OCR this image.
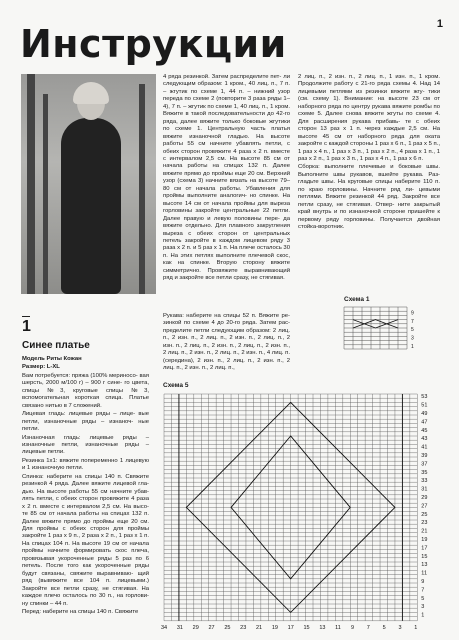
Инструкции	1
1
Синее платье

Модель Риты Кожан

Размер: L-XL

Вам потребуется: пряжа (100% мериносо- вая шерсть, 2000 м/100 г) – 900 г сине- го цвета, спицы №3, круговые спицы №3, вспомогательная короткая спица. Платье связано нитью в 7 сложений.

Лицевая гладь: лицевые ряды – лице- вые петли, изнаночные ряды – изнаноч- ные петли.

Изнаночная гладь: лицевые ряды – изнаночные петли, изнаночные ряды – лицевые петли.

Резинка 1х1: вяжите попеременно 1 лицевую и 1 изнаночную петли.

Спинка: наберите на спицы 140 п. Свяжите резинкой 4 ряда. Далее вяжите лицевой гла- дью. На высоте работы 55 см начните убав- лять петли, с обеих сторон провяжите 4 раза х 2 п. вместе с интервалом 2,5 см. На высо- те 85 см от начала работы на спицах 132 п. Далее вяжите прямо до проймы еще 20 см. Для проймы с обеих сторон для проймы закройте 1 раз х 9 п., 2 раза х 2 п., 1 раз х 1 п. На спицах 104 п. На высоте 19 см от начала проймы начните формировать скос плеча, провязывая укороченные ряды 5 раз по 6 петель. После того как укороченные ряды будут связаны, свяжите выравниваю- щий ряд (вывяжите все 104 п. лицевыми.) Закройте все петли сразу, не стягивая. На каждое плечо осталось по 30 п., на горлови- ну спинки – 44 п.

Перед: наберите на спицы 140 п. Свяжите

4 ряда резинкой. Затем распределите пет- ли следующим образом: 1 кром., 40 лиц. п., 7 п. – жгутик по схеме 1, 44 п. – нижний узор переда по схеме 2 (повторите 3 раза ряды 1–4), 7 п. – жгутик по схеме 1, 40 лиц. п., 1 кром. Вяжите в такой последовательности до 42-го ряда, далее вяжите только боковые жгутики по схеме 1. Центральную часть платья вяжите изнаночной гладью. На высоте работы 55 см начните убавлять петли, с обеих сторон провяжите 4 раза х 2 п. вместе с интервалом 2,5 см. На высоте 85 см от начала работы на спицах 132 п. Далее вяжите прямо до проймы еще 20 см. Верхний узор (схема 3) начните вязать на высоте 79–80 см от начала работы. Убавления для проймы выполните аналогич- но спинке. На высоте 14 см от начала проймы для выреза горловины закройте центральные 22 петли. Далее правую и левую половины пере- да вяжите отдельно. Для плавного закругления выреза с обеих сторон от центральных петель закройте в каждом лицевом ряду 3 раза х 2 п. и 5 раз х 1 п. На плече осталось 30 п. На этих петлях выполните плечевой скос, как на спинке. Вторую сторону вяжите симметрично. Провяжите выравнивающий ряд и закройте все петли сразу, не стягивая.

Рукава: наберите на спицы 52 п. Вяжите ре- зинкой по схеме 4 до 20-го ряда. Затем рас- пределите петли следующим образом: 2 лиц. п., 2 изн. п., 2 лиц. п., 2 изн. п., 2 лиц. п., 2 изн. п., 2 лиц. п., 2 изн. п., 2 лиц. п., 2 изн. п., 2 лиц. п., 2 изн. п., 2 лиц. п., 2 изн. п., 4 лиц. п. (середина), 2 изн. п., 2 лиц. п., 2 изн. п., 2 лиц. п., 2 изн. п., 2 лиц. п.,

2 лиц. п., 2 изн. п., 2 лиц. п., 1 изн. п., 1 кром. Продолжите работу с 21-го ряда схемы 4. Над 14 лицевыми петлями из резинки вяжите жгу- тики (см. схему 1). Внимание: на высоте 23 см от наборного ряда по центру рукава вяжите ромбы по схеме 5. Далее снова вяжите жгуты по схеме 4. Для расширения рукава прибавь- те с обеих сторон 13 раз х 1 п. через каждые 2,5 см. На высоте 45 см от наборного ряда для оката закройте с каждой стороны 1 раз х 6 п., 1 раз х 5 п., 1 раз х 4 п., 1 раз х 3 п., 1 раз х 2 п., 4 раза х 1 п., 1 раз х 2 п., 1 раз х 3 п., 1 раз х 4 п., 1 раз х 6 п.

Сборка: выполните плечевые и боковые швы. Выполните швы рукавов, вшейте рукава. Раз- гладьте швы. На круговые спицы наберите 110 п. по краю горловины. Начните ряд ли- цевыми петлями. Вяжите резинкой 44 ряд. Закройте все петли сразу, не стягивая. Отвер- ните закрытый край внутрь и по изнаночной стороне пришейте к первому ряду горловины. Получается двойная стойка-воротник.

Схема 1
1
3
5
7
9
Схема 5
53
51
49
47
45
43
41
39
37
35
33
31
29
27
25
23
21
19
17
15
13
11
9
7
5
3
1
34 31 29 27 25 23 21 19 17 15 13 11 9 7 5 3 1
